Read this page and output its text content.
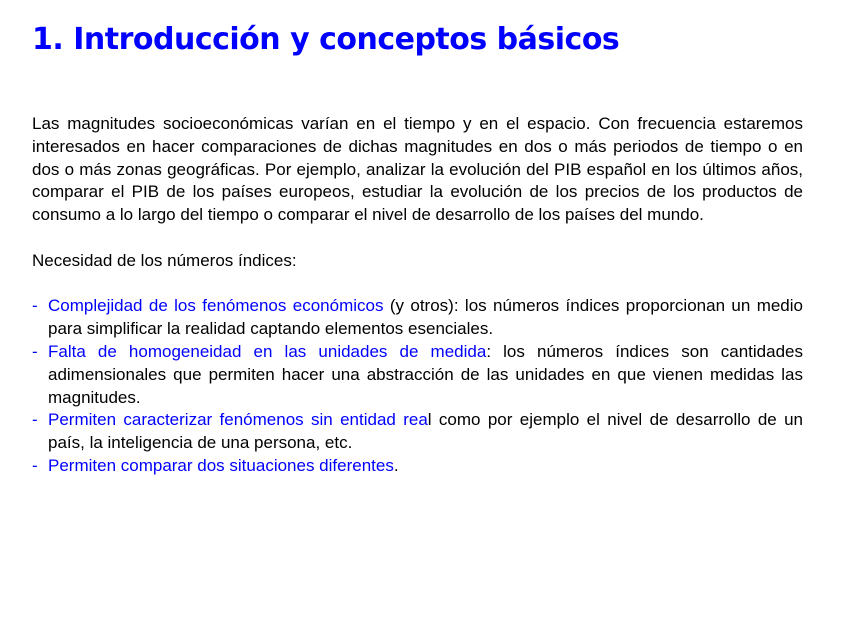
1. Introducción y conceptos básicos

Las magnitudes socioeconómicas varían en el tiempo y en el espacio. Con frecuencia estaremos interesados en hacer comparaciones de dichas magnitudes en dos o más periodos de tiempo o en dos o más zonas geográficas. Por ejemplo, analizar la evolución del PIB español en los últimos años, comparar el PIB de los países europeos, estudiar la evolución de los precios de los productos de consumo a lo largo del tiempo o comparar el nivel de desarrollo de los países del mundo.

Necesidad de los números índices:

- Complejidad de los fenómenos económicos (y otros): los números índices proporcionan un medio para simplificar la realidad captando elementos esenciales.
- Falta de homogeneidad en las unidades de medida: los números índices son cantidades adimensionales que permiten hacer una abstracción de las unidades en que vienen medidas las magnitudes.
- Permiten caracterizar fenómenos sin entidad real como por ejemplo el nivel de desarrollo de un país, la inteligencia de una persona, etc.
- Permiten comparar dos situaciones diferentes.
